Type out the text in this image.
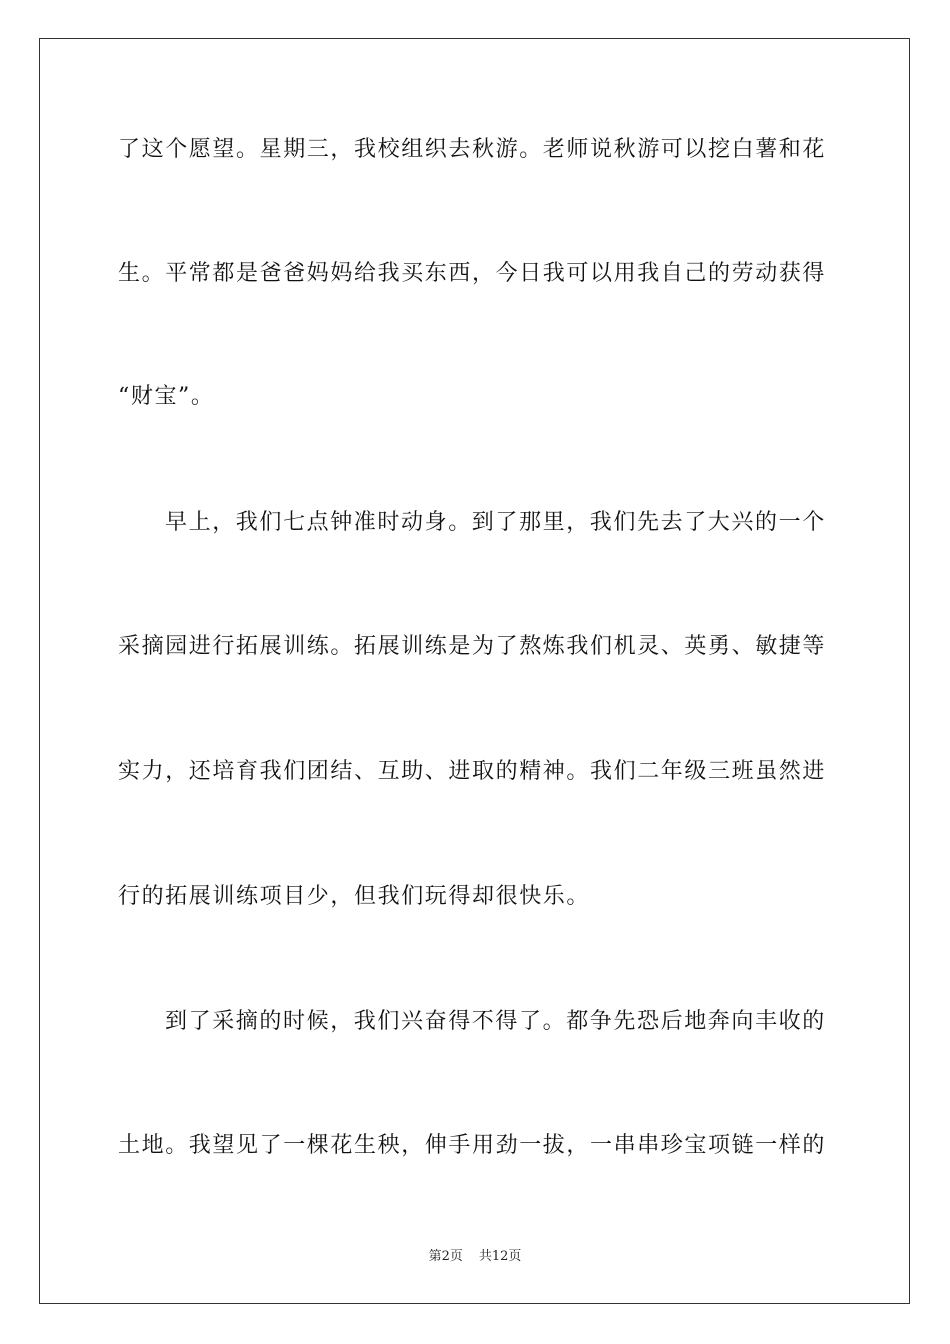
了这个愿望。星期三，我校组织去秋游。老师说秋游可以挖白薯和花
生。平常都是爸爸妈妈给我买东西，今日我可以用我自己的劳动获得
“财宝”。
早上，我们七点钟准时动身。到了那里，我们先去了大兴的一个
采摘园进行拓展训练。拓展训练是为了熬炼我们机灵、英勇、敏捷等
实力，还培育我们团结、互助、进取的精神。我们二年级三班虽然进
行的拓展训练项目少，但我们玩得却很快乐。
到了采摘的时候，我们兴奋得不得了。都争先恐后地奔向丰收的
土地。我望见了一棵花生秧，伸手用劲一拔，一串串珍宝项链一样的
第2页 共12页
